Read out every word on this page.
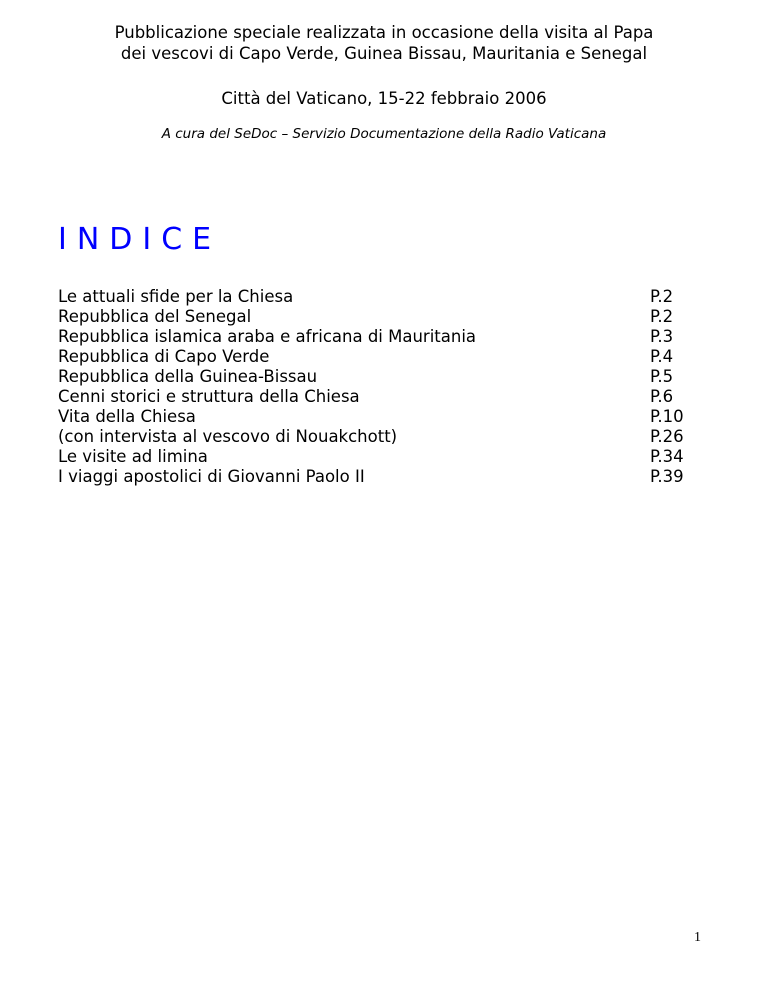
Pubblicazione speciale realizzata in occasione della visita al Papa
dei vescovi di Capo Verde, Guinea Bissau, Mauritania e Senegal
Città del Vaticano, 15-22 febbraio 2006
A cura del SeDoc – Servizio Documentazione della Radio Vaticana
INDICE
Le attuali sfide per la Chiesa	P.2
Repubblica del Senegal	P.2
Repubblica islamica araba e africana di Mauritania	P.3
Repubblica di Capo Verde	P.4
Repubblica della Guinea-Bissau	P.5
Cenni storici e struttura della Chiesa	P.6
Vita della Chiesa	P.10
(con intervista al vescovo di Nouakchott)	P.26
Le visite ad limina	P.34
I viaggi apostolici di Giovanni Paolo II	P.39
1
